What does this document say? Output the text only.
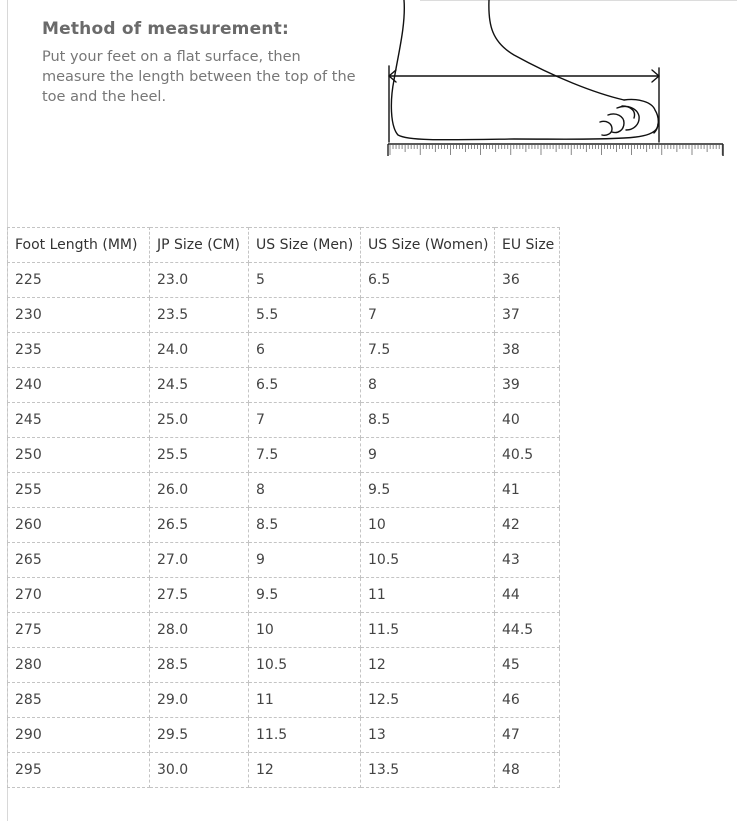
Method of measurement:
Put your feet on a flat surface, then measure the length between the top of the toe and the heel.
Foot Length (MM)	JP Size (CM)	US Size (Men)	US Size (Women)	EU Size
225	23.0	5	6.5	36
230	23.5	5.5	7	37
235	24.0	6	7.5	38
240	24.5	6.5	8	39
245	25.0	7	8.5	40
250	25.5	7.5	9	40.5
255	26.0	8	9.5	41
260	26.5	8.5	10	42
265	27.0	9	10.5	43
270	27.5	9.5	11	44
275	28.0	10	11.5	44.5
280	28.5	10.5	12	45
285	29.0	11	12.5	46
290	29.5	11.5	13	47
295	30.0	12	13.5	48
